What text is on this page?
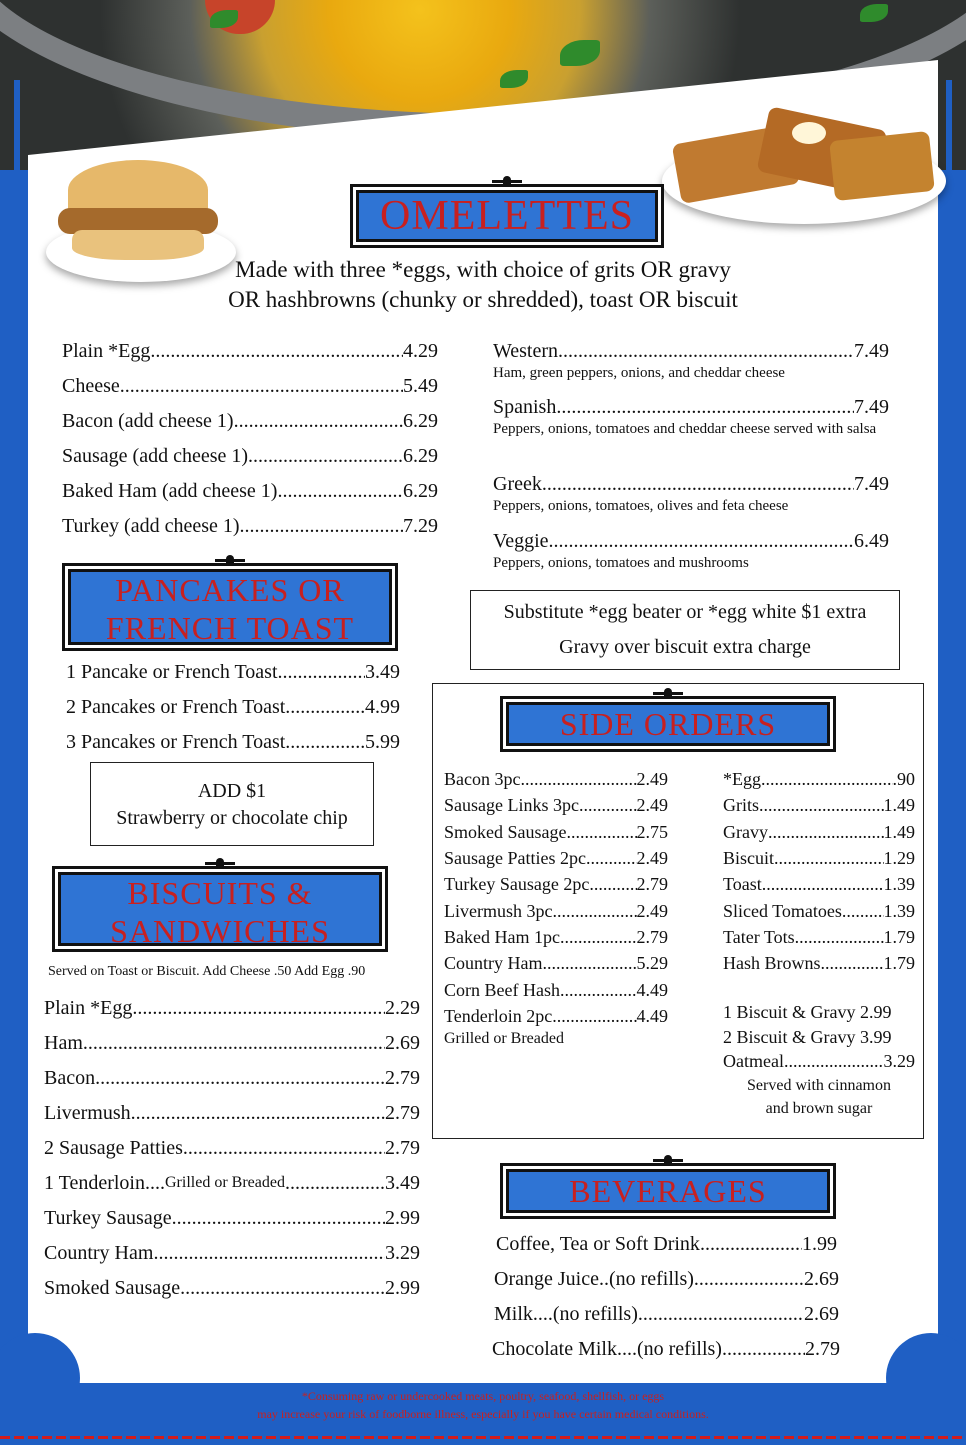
OMELETTES
Made with three *eggs, with choice of grits OR gravy
OR hashbrowns (chunky or shredded), toast OR biscuit
Plain *Egg .....	4.29
Cheese .....	5.49
Bacon (add cheese 1) .....	6.29
Sausage (add cheese 1) .....	6.29
Baked Ham (add cheese 1) .....	6.29
Turkey (add cheese 1) .....	7.29
Western .....	7.49
Ham, green peppers, onions, and cheddar cheese
Spanish .....	7.49
Peppers, onions, tomatoes and cheddar cheese served with salsa
Greek .....	7.49
Peppers, onions, tomatoes, olives and feta cheese
Veggie .....	6.49
Peppers, onions, tomatoes and mushrooms
Substitute *egg beater or *egg white $1 extra
Gravy over biscuit extra charge
PANCAKES OR
FRENCH TOAST
1 Pancake or French Toast .....	3.49
2 Pancakes or French Toast .....	4.99
3 Pancakes or French Toast .....	5.99
ADD $1
Strawberry or chocolate chip
BISCUITS &
SANDWICHES
Served on Toast or Biscuit. Add Cheese .50 Add Egg .90
Plain *Egg .....	2.29
Ham .....	2.69
Bacon .....	2.79
Livermush .....	2.79
2 Sausage Patties .....	2.79
1 Tenderloin.... Grilled or Breaded .....	3.49
Turkey Sausage .....	2.99
Country Ham .....	3.29
Smoked Sausage .....	2.99
SIDE ORDERS
Bacon 3pc .....	2.49
Sausage Links 3pc .....	2.49
Smoked Sausage .....	2.75
Sausage Patties 2pc .....	2.49
Turkey Sausage 2pc .....	2.79
Livermush 3pc .....	2.49
Baked Ham 1pc .....	2.79
Country Ham .....	5.29
Corn Beef Hash .....	4.49
Tenderloin 2pc .....	4.49
Grilled or Breaded
*Egg .....	.90
Grits .....	1.49
Gravy .....	1.49
Biscuit .....	1.29
Toast .....	1.39
Sliced Tomatoes ..... 1.39
Tater Tots .....	1.79
Hash Browns .....	1.79
1 Biscuit & Gravy 2.99
2 Biscuit & Gravy 3.99
Oatmeal .....	3.29
Served with cinnamon
and brown sugar
BEVERAGES
Coffee, Tea or Soft Drink .....	1.99
Orange Juice..(no refills) .....	2.69
Milk....(no refills) .....	2.69
Chocolate Milk....(no refills) .....	2.79
*Consuming raw or undercooked meats, poultry, seafood, shellfish, or eggs
may increase your risk of foodborne illness, especially if you have certain medical conditions.
